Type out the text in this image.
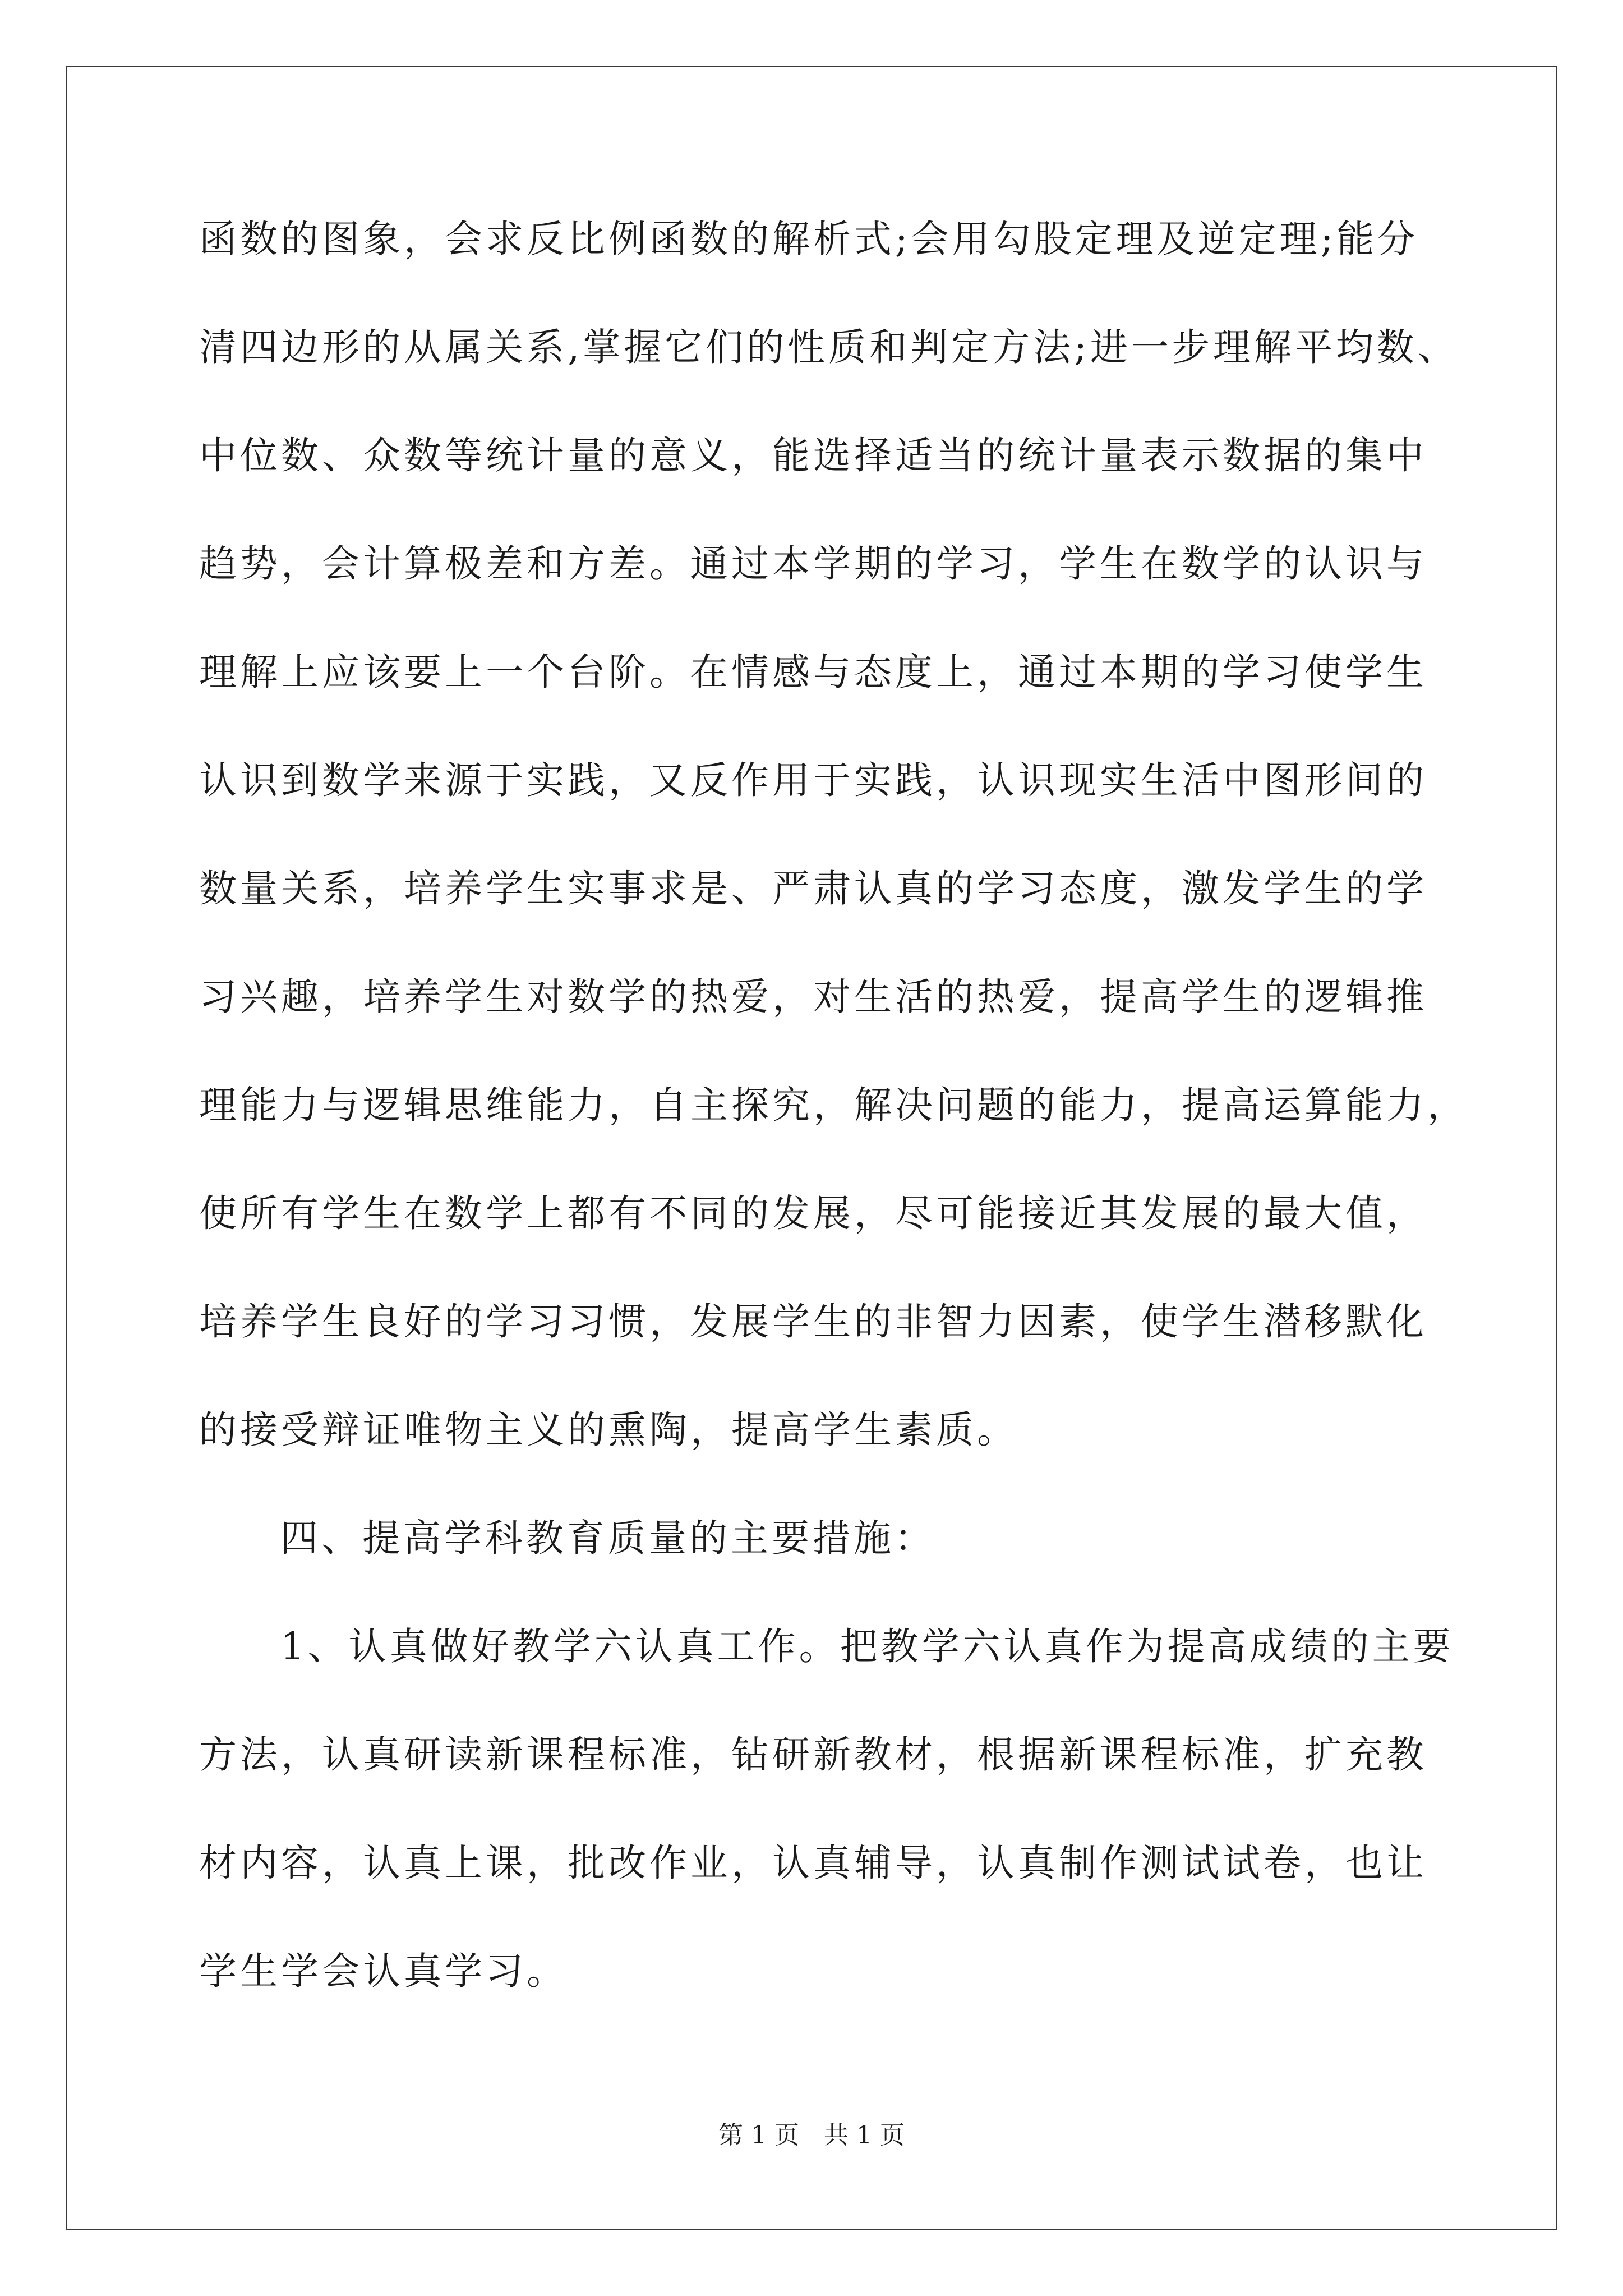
函数的图象，会求反比例函数的解析式;会用勾股定理及逆定理;能分
清四边形的从属关系,掌握它们的性质和判定方法;进一步理解平均数、
中位数、众数等统计量的意义，能选择适当的统计量表示数据的集中
趋势，会计算极差和方差。通过本学期的学习，学生在数学的认识与
理解上应该要上一个台阶。在情感与态度上，通过本期的学习使学生
认识到数学来源于实践，又反作用于实践，认识现实生活中图形间的
数量关系，培养学生实事求是、严肃认真的学习态度，激发学生的学
习兴趣，培养学生对数学的热爱，对生活的热爱，提高学生的逻辑推
理能力与逻辑思维能力，自主探究，解决问题的能力，提高运算能力，
使所有学生在数学上都有不同的发展，尽可能接近其发展的最大值，
培养学生良好的学习习惯，发展学生的非智力因素，使学生潜移默化
的接受辩证唯物主义的熏陶，提高学生素质。
四、提高学科教育质量的主要措施：
1、认真做好教学六认真工作。把教学六认真作为提高成绩的主要
方法，认真研读新课程标准，钻研新教材，根据新课程标准，扩充教
材内容，认真上课，批改作业，认真辅导，认真制作测试试卷，也让
学生学会认真学习。
第 1 页　共 1 页
